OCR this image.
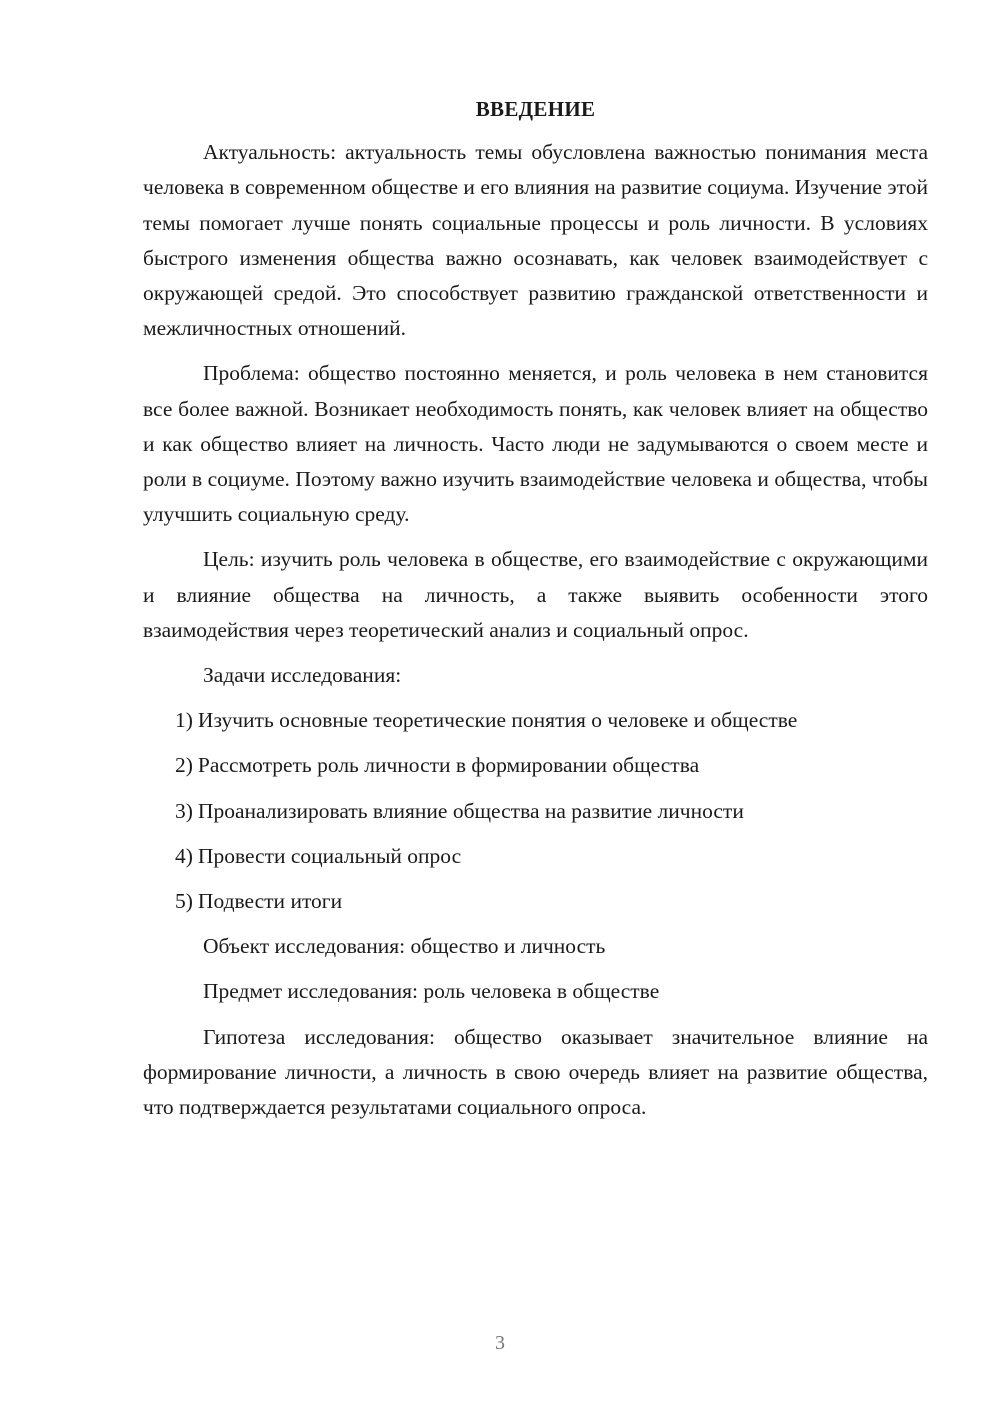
ВВЕДЕНИЕ

Актуальность: актуальность темы обусловлена важностью понимания места человека в современном обществе и его влияния на развитие социума. Изучение этой темы помогает лучше понять социальные процессы и роль личности. В условиях быстрого изменения общества важно осознавать, как человек взаимодействует с окружающей средой. Это способствует развитию гражданской ответственности и межличностных отношений.

Проблема: общество постоянно меняется, и роль человека в нем становится все более важной. Возникает необходимость понять, как человек влияет на общество и как общество влияет на личность. Часто люди не задумываются о своем месте и роли в социуме. Поэтому важно изучить взаимодействие человека и общества, чтобы улучшить социальную среду.

Цель: изучить роль человека в обществе, его взаимодействие с окружающими и влияние общества на личность, а также выявить особенности этого взаимодействия через теоретический анализ и социальный опрос.

Задачи исследования:

1) Изучить основные теоретические понятия о человеке и обществе
2) Рассмотреть роль личности в формировании общества
3) Проанализировать влияние общества на развитие личности
4) Провести социальный опрос
5) Подвести итоги

Объект исследования: общество и личность

Предмет исследования: роль человека в обществе

Гипотеза исследования: общество оказывает значительное влияние на формирование личности, а личность в свою очередь влияет на развитие общества, что подтверждается результатами социального опроса.

3
